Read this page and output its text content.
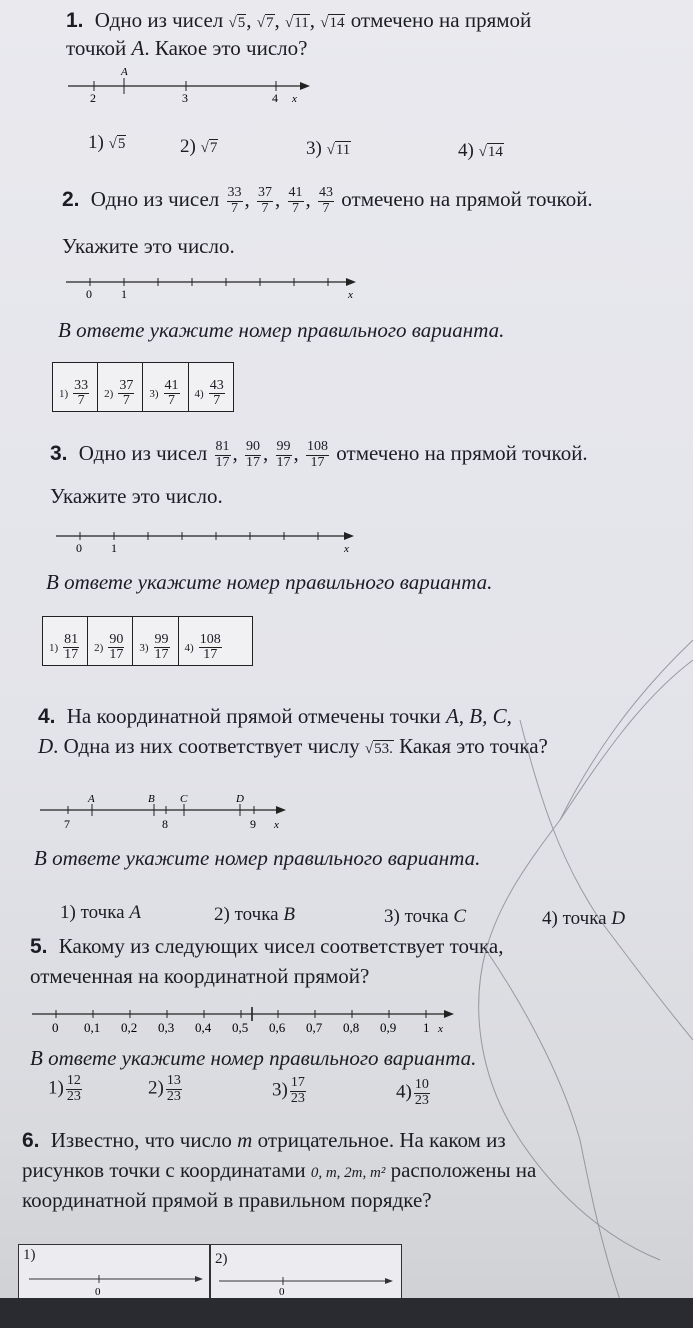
1. Одно из чисел √5, √7, √11, √14 отмечено на прямой
точкой A. Какое это число?
A
2	3	4 x
1) √5	2) √7	3) √11	4) √14
2. Одно из чисел $\frac{33}{7}$ , $\frac{37}{7}$ , $\frac{41}{7}$ , $\frac{43}{7}$ отмечено на прямой точкой.
Укажите это число.
0 1	x
В ответе укажите номер правильного варианта.
$1) \frac{33}{7}$	$2) \frac{37}{7}$	$3) \frac{41}{7}$	$4) \frac{43}{7}$
3. Одно из чисел $\frac{81}{17}$ , $\frac{90}{17}$ , $\frac{99}{17}$ , $\frac{108}{17}$ отмечено на прямой точкой.
Укажите это число.
0 1	x
В ответе укажите номер правильного варианта.
$1) \frac{81}{17}$	$2) \frac{90}{17}$	$3) \frac{99}{17}$	$4) \frac{108}{17}$
4. На координатной прямой отмечены точки A, B, C,
D. Одна из них соответствует числу √53. Какая это точка?
A	B C	D
7	8	9 x
В ответе укажите номер правильного варианта.
1) точка A	2) точка B	3) точка C	4) точка D
5. Какому из следующих чисел соответствует точка,
отмеченная на координатной прямой?
0 0,1 0,2 0,3 0,4 0,5 0,6 0,7 0,8 0,9 1 x
В ответе укажите номер правильного варианта.
$1) \frac{12}{23}$	$2) \frac{13}{23}$	$3) \frac{17}{23}$	$4) \frac{10}{23}$
6. Известно, что число m отрицательное. На каком из
рисунков точки с координатами 0, m, 2m, m² расположены на
координатной прямой в правильном порядке?
1)	2)
0	0
